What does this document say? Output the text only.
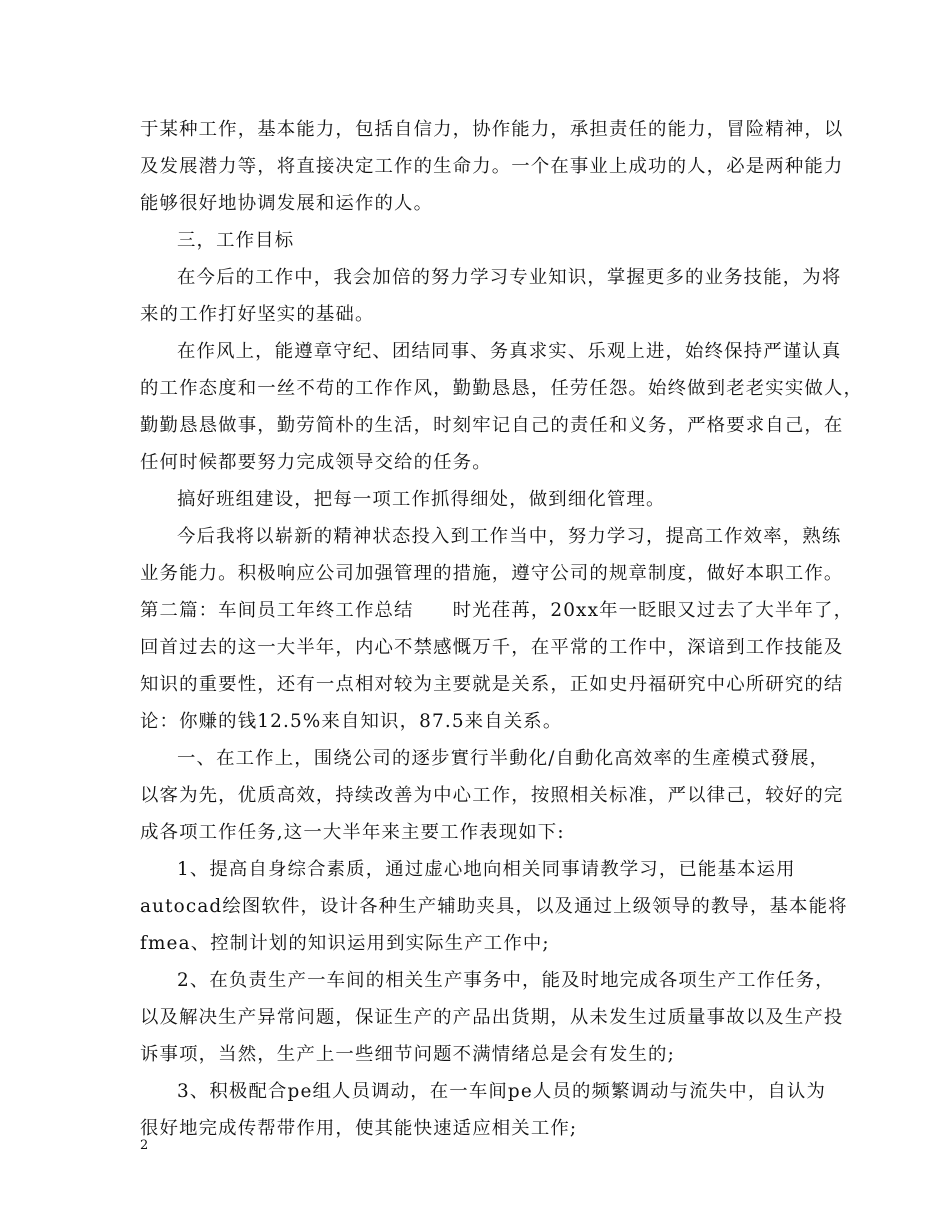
于某种工作，基本能力，包括自信力，协作能力，承担责任的能力，冒险精神，以
及发展潜力等，将直接决定工作的生命力。一个在事业上成功的人，必是两种能力
能够很好地协调发展和运作的人。
三，工作目标
在今后的工作中，我会加倍的努力学习专业知识，掌握更多的业务技能，为将
来的工作打好坚实的基础。
在作风上，能遵章守纪、团结同事、务真求实、乐观上进，始终保持严谨认真
的工作态度和一丝不苟的工作作风，勤勤恳恳，任劳任怨。始终做到老老实实做人，
勤勤恳恳做事，勤劳简朴的生活，时刻牢记自己的责任和义务，严格要求自己，在
任何时候都要努力完成领导交给的任务。
搞好班组建设，把每一项工作抓得细处，做到细化管理。
今后我将以崭新的精神状态投入到工作当中，努力学习，提高工作效率，熟练
业务能力。积极响应公司加强管理的措施，遵守公司的规章制度，做好本职工作。
第二篇：车间员工年终工作总结　　时光荏苒，20xx年一眨眼又过去了大半年了，
回首过去的这一大半年，内心不禁感慨万千，在平常的工作中，深谙到工作技能及
知识的重要性，还有一点相对较为主要就是关系，正如史丹福研究中心所研究的结
论：你赚的钱12.5%来自知识，87.5来自关系。
一、在工作上，围绕公司的逐步實行半動化/自動化高效率的生產模式發展，
以客为先，优质高效，持续改善为中心工作，按照相关标准，严以律己，较好的完
成各项工作任务,这一大半年来主要工作表现如下:
1、提高自身综合素质，通过虚心地向相关同事请教学习，已能基本运用
autocad绘图软件，设计各种生产辅助夹具，以及通过上级领导的教导，基本能将
fmea、控制计划的知识运用到实际生产工作中;
2、在负责生产一车间的相关生产事务中，能及时地完成各项生产工作任务，
以及解决生产异常问题，保证生产的产品出货期，从未发生过质量事故以及生产投
诉事项，当然，生产上一些细节问题不满情绪总是会有发生的;
3、积极配合pe组人员调动，在一车间pe人员的频繁调动与流失中，自认为
很好地完成传帮带作用，使其能快速适应相关工作;
2
